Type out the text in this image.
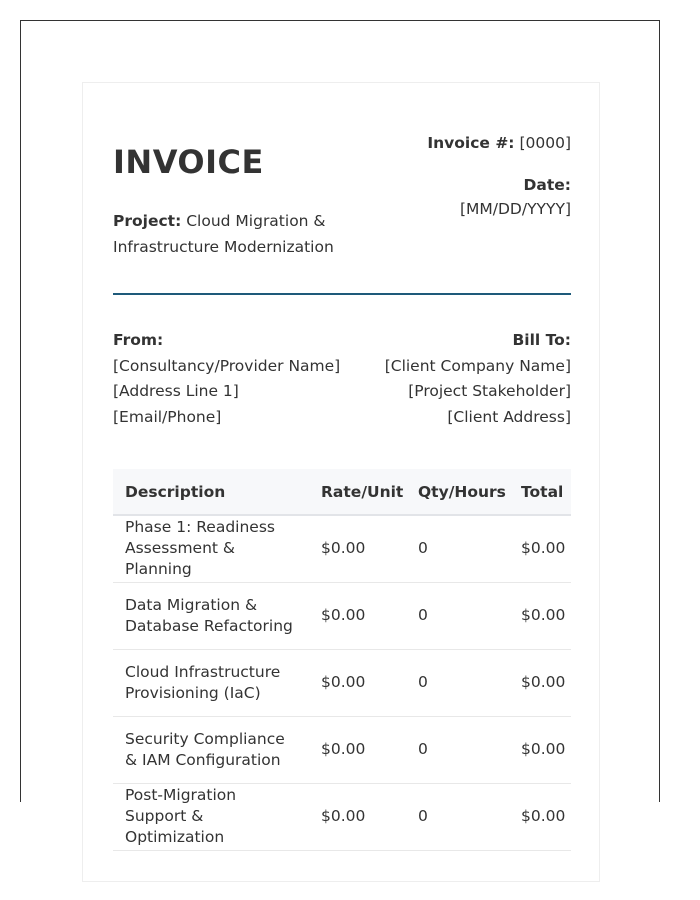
INVOICE
Project: Cloud Migration & Infrastructure Modernization
Invoice #: [0000]
Date:
[MM/DD/YYYY]
From:
[Consultancy/Provider Name]
[Address Line 1]
[Email/Phone]
Bill To:
[Client Company Name]
[Project Stakeholder]
[Client Address]
Description	Rate/Unit	Qty/Hours	Total
Phase 1: Readiness Assessment & Planning	$0.00	0	$0.00
Data Migration & Database Refactoring	$0.00	0	$0.00
Cloud Infrastructure Provisioning (IaC)	$0.00	0	$0.00
Security Compliance & IAM Configuration	$0.00	0	$0.00
Post-Migration Support & Optimization	$0.00	0	$0.00
